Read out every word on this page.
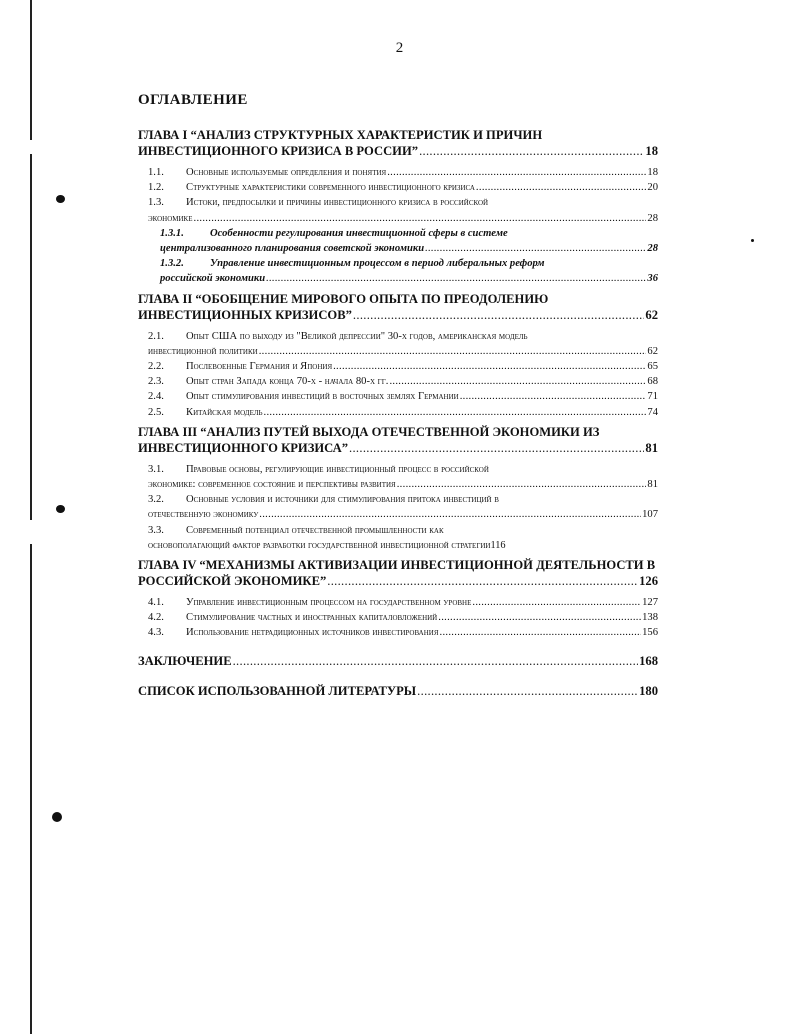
2
ОГЛАВЛЕНИЕ
ГЛАВА I “АНАЛИЗ СТРУКТУРНЫХ ХАРАКТЕРИСТИК И ПРИЧИН
ИНВЕСТИЦИОННОГО КРИЗИСА В РОССИИ” .....	18
1.1. Основные используемые определения и понятия .....	18
1.2. Структурные характеристики современного инвестиционного кризиса .....	20
1.3. Истоки, предпосылки и причины инвестиционного кризиса в российской
экономике .....	28
1.3.1. Особенности регулирования инвестиционной сферы в системе
централизованного планирования советской экономики .....	28
1.3.2. Управление инвестиционным процессом в период либеральных реформ
российской экономики .....	36
ГЛАВА II “ОБОБЩЕНИЕ МИРОВОГО ОПЫТА ПО ПРЕОДОЛЕНИЮ
ИНВЕСТИЦИОННЫХ КРИЗИСОВ” .....	62
2.1. Опыт США по выходу из "Великой депрессии" 30-х годов, американская модель
инвестиционной политики .....	62
2.2. Послевоенные Германия и Япония .....	65
2.3. Опыт стран Запада конца 70-х - начала 80-х гг. .....	68
2.4. Опыт стимулирования инвестиций в восточных землях Германии .....	71
2.5. Китайская модель .....	74
ГЛАВА III “АНАЛИЗ ПУТЕЙ ВЫХОДА ОТЕЧЕСТВЕННОЙ ЭКОНОМИКИ ИЗ
ИНВЕСТИЦИОННОГО КРИЗИСА” .....	81
3.1. Правовые основы, регулирующие инвестиционный процесс в российской
экономике: современное состояние и перспективы развития .....	81
3.2. Основные условия и источники для стимулирования притока инвестиций в
отечественную экономику .....	107
3.3. Современный потенциал отечественной промышленности как
основополагающий фактор разработки государственной инвестиционной стратегии 116
ГЛАВА IV “МЕХАНИЗМЫ АКТИВИЗАЦИИ ИНВЕСТИЦИОННОЙ ДЕЯТЕЛЬНОСТИ В
РОССИЙСКОЙ ЭКОНОМИКЕ” .....	126
4.1. Управление инвестиционным процессом на государственном уровне .....	127
4.2. Стимулирование частных и иностранных капиталовложений .....	138
4.3. Использование нетрадиционных источников инвестирования .....	156
ЗАКЛЮЧЕНИЕ .....	168
СПИСОК ИСПОЛЬЗОВАННОЙ ЛИТЕРАТУРЫ .....	180
